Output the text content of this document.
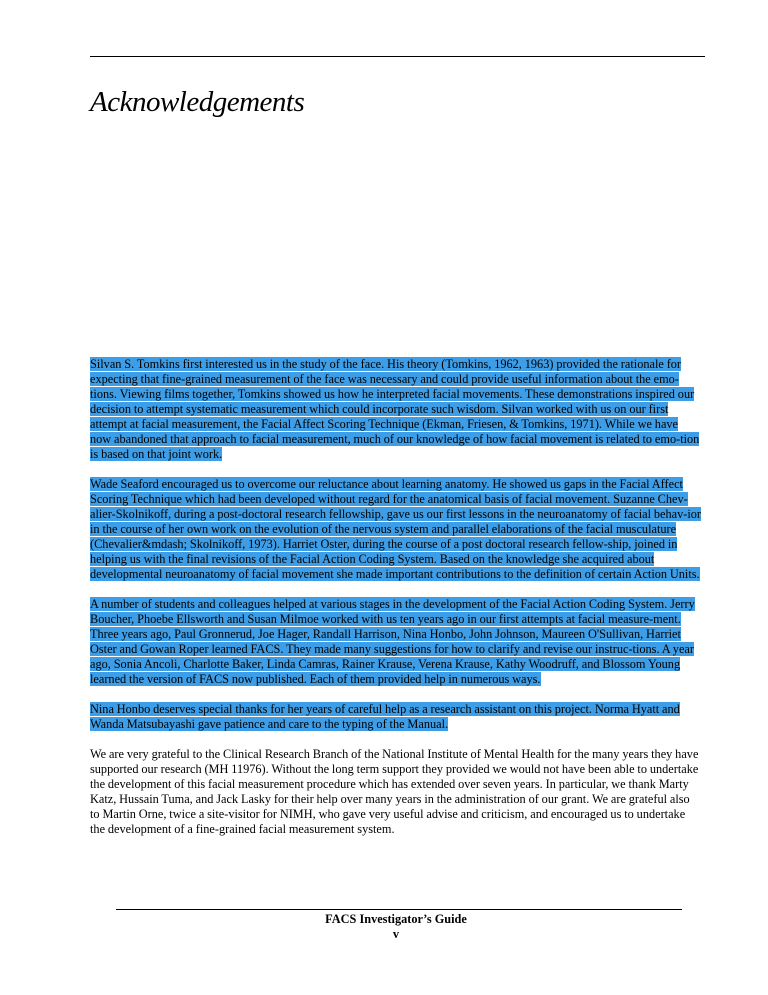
Acknowledgements

Silvan S. Tomkins first interested us in the study of the face. His theory (Tomkins, 1962, 1963) provided the rationale for expecting that fine-grained measurement of the face was necessary and could provide useful information about the emo-tions. Viewing films together, Tomkins showed us how he interpreted facial movements. These demonstrations inspired our decision to attempt systematic measurement which could incorporate such wisdom. Silvan worked with us on our first attempt at facial measurement, the Facial Affect Scoring Technique (Ekman, Friesen, & Tomkins, 1971). While we have now abandoned that approach to facial measurement, much of our knowledge of how facial movement is related to emo-tion is based on that joint work.

Wade Seaford encouraged us to overcome our reluctance about learning anatomy. He showed us gaps in the Facial Affect Scoring Technique which had been developed without regard for the anatomical basis of facial movement. Suzanne Chev-alier-Skolnikoff, during a post-doctoral research fellowship, gave us our first lessons in the neuroanatomy of facial behav-ior in the course of her own work on the evolution of the nervous system and parallel elaborations of the facial musculature (Chevalier&mdash; Skolnikoff, 1973). Harriet Oster, during the course of a post doctoral research fellow-ship, joined in helping us with the final revisions of the Facial Action Coding System. Based on the knowledge she acquired about developmental neuroanatomy of facial movement she made important contributions to the definition of certain Action Units.

A number of students and colleagues helped at various stages in the development of the Facial Action Coding System. Jerry Boucher, Phoebe Ellsworth and Susan Milmoe worked with us ten years ago in our first attempts at facial measure-ment. Three years ago, Paul Gronnerud, Joe Hager, Randall Harrison, Nina Honbo, John Johnson, Maureen O'Sullivan, Harriet Oster and Gowan Roper learned FACS. They made many suggestions for how to clarify and revise our instruc-tions. A year ago, Sonia Ancoli, Charlotte Baker, Linda Camras, Rainer Krause, Verena Krause, Kathy Woodruff, and Blossom Young learned the version of FACS now published. Each of them provided help in numerous ways.

Nina Honbo deserves special thanks for her years of careful help as a research assistant on this project. Norma Hyatt and Wanda Matsubayashi gave patience and care to the typing of the Manual.

We are very grateful to the Clinical Research Branch of the National Institute of Mental Health for the many years they have supported our research (MH 11976). Without the long term support they provided we would not have been able to undertake the development of this facial measurement procedure which has extended over seven years. In particular, we thank Marty Katz, Hussain Tuma, and Jack Lasky for their help over many years in the administration of our grant. We are grateful also to Martin Orne, twice a site-visitor for NIMH, who gave very useful advise and criticism, and encouraged us to undertake the development of a fine-grained facial measurement system.

FACS Investigator’s Guide
v
